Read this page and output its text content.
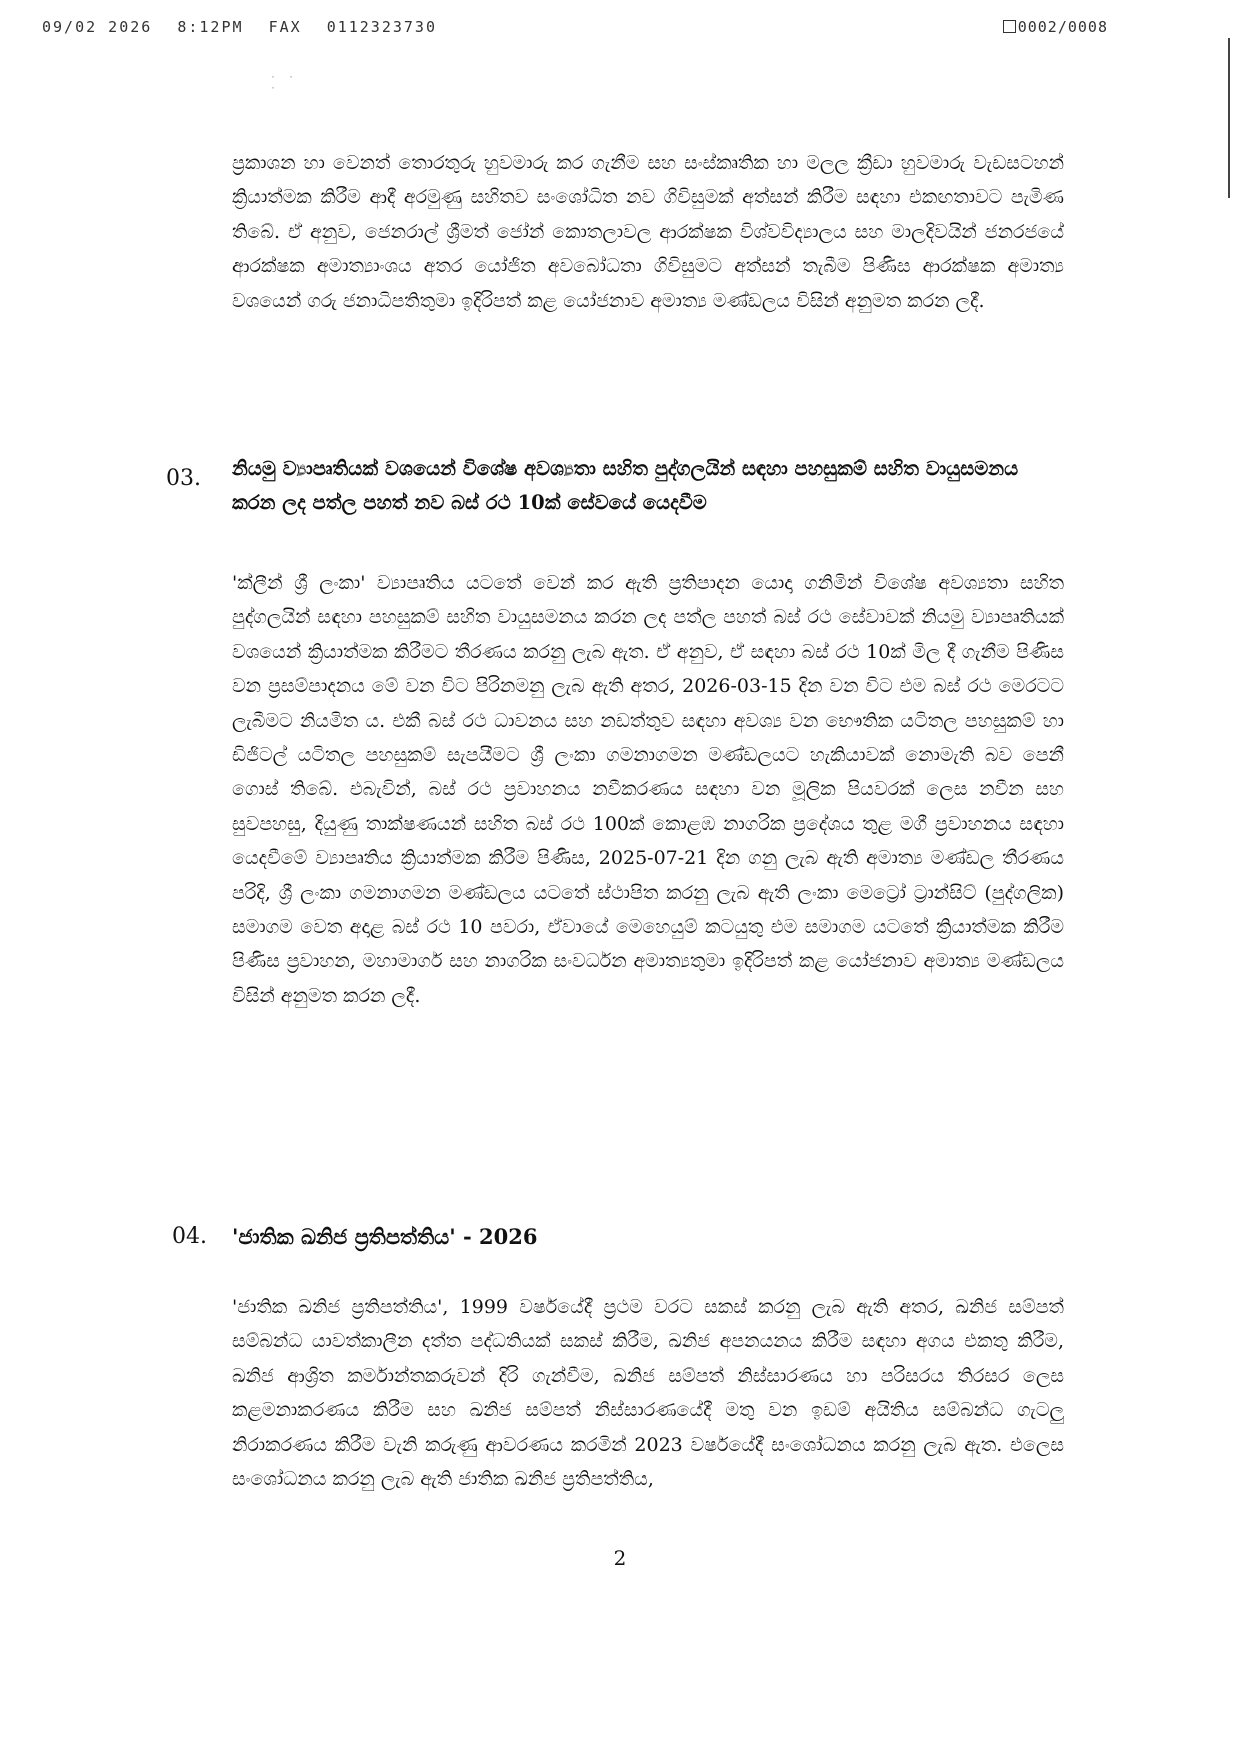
09/02 2026 8:12PM FAX 0112323730	0002/0008
·  ·
·

ප්‍රකාශන හා වෙනත් තොරතුරු හුවමාරු කර ගැනීම සහ සංස්කෘතික හා මලල ක්‍රීඩා හුවමාරු වැඩසටහන් ක්‍රියාත්මක කිරීම ආදී අරමුණු සහිතව සංශෝධිත නව ගිවිසුමක් අත්සන් කිරීම සඳහා එකඟතාවට පැමිණ තිබේ. ඒ අනුව, ජෙනරාල් ශ්‍රීමත් ජෝන් කොතලාවල ආරක්ෂක විශ්වවිද්‍යාලය සහ මාලදිවයින් ජනරජයේ ආරක්ෂක අමාත්‍යාංශය අතර යෝජිත අවබෝධතා ගිවිසුමට අත්සන් තැබීම පිණිස ආරක්ෂක අමාත්‍ය වශයෙන් ගරු ජනාධිපතිතුමා ඉදිරිපත් කළ යෝජනාව අමාත්‍ය මණ්ඩලය විසින් අනුමත කරන ලදී.

03. නියමු ව්‍යාපෘතියක් වශයෙන් විශේෂ අවශ්‍යතා සහිත පුද්ගලයින් සඳහා පහසුකම් සහිත වායුසමනය කරන ලද පත්ල පහත් නව බස් රථ 10ක් සේවයේ යෙදවීම

'ක්ලීන් ශ්‍රී ලංකා' ව්‍යාපෘතිය යටතේ වෙන් කර ඇති ප්‍රතිපාදන යොදා ගනිමින් විශේෂ අවශ්‍යතා සහිත පුද්ගලයින් සඳහා පහසුකම් සහිත වායුසමනය කරන ලද පත්ල පහත් බස් රථ සේවාවක් නියමු ව්‍යාපෘතියක් වශයෙන් ක්‍රියාත්මක කිරීමට තීරණය කරනු ලැබ ඇත. ඒ අනුව, ඒ සඳහා බස් රථ 10ක් මිල දී ගැනීම පිණිස වන ප්‍රසම්පාදනය මේ වන විට පිරිනමනු ලැබ ඇති අතර, 2026-03-15 දින වන විට එම බස් රථ මෙරටට ලැබීමට නියමිත ය. එකී බස් රථ ධාවනය සහ නඩත්තුව සඳහා අවශ්‍ය වන භෞතික යටිතල පහසුකම් හා ඩිජිටල් යටිතල පහසුකම් සැපයීමට ශ්‍රී ලංකා ගමනාගමන මණ්ඩලයට හැකියාවක් නොමැති බව පෙනී ගොස් තිබේ. එබැවින්, බස් රථ ප්‍රවාහනය නවීකරණය සඳහා වන මූලික පියවරක් ලෙස නවීන සහ සුවපහසු, දියුණු තාක්ෂණයන් සහිත බස් රථ 100ක් කොළඹ නාගරික ප්‍රදේශය තුළ මගී ප්‍රවාහනය සඳහා යෙදවීමේ ව්‍යාපෘතිය ක්‍රියාත්මක කිරීම පිණිස, 2025-07-21 දින ගනු ලැබ ඇති අමාත්‍ය මණ්ඩල තීරණය පරිදි, ශ්‍රී ලංකා ගමනාගමන මණ්ඩලය යටතේ ස්ථාපිත කරනු ලැබ ඇති ලංකා මෙට්‍රෝ ට්‍රාන්සිට් (පුද්ගලික) සමාගම වෙත අදාළ බස් රථ 10 පවරා, ඒවායේ මෙහෙයුම් කටයුතු එම සමාගම යටතේ ක්‍රියාත්මක කිරීම පිණිස ප්‍රවාහන, මහාමාර්ග සහ නාගරික සංවර්ධන අමාත්‍යතුමා ඉදිරිපත් කළ යෝජනාව අමාත්‍ය මණ්ඩලය විසින් අනුමත කරන ලදී.

04. 'ජාතික ඛනිජ ප්‍රතිපත්තිය' - 2026

'ජාතික ඛනිජ ප්‍රතිපත්තිය', 1999 වර්ෂයේදී ප්‍රථම වරට සකස් කරනු ලැබ ඇති අතර, ඛනිජ සම්පත් සම්බන්ධ යාවත්කාලීන දත්ත පද්ධතියක් සකස් කිරීම, ඛනිජ අපනයනය කිරීම සඳහා අගය එකතු කිරීම, ඛනිජ ආශ්‍රිත කර්මාන්තකරුවන් දිරි ගැන්වීම, ඛනිජ සම්පත් නිස්සාරණය හා පරිසරය තිරසර ලෙස කළමනාකරණය කිරීම සහ ඛනිජ සම්පත් නිස්සාරණයේදී මතු වන ඉඩම් අයිතිය සම්බන්ධ ගැටලු නිරාකරණය කිරීම වැනි කරුණු ආවරණය කරමින් 2023 වර්ෂයේදී සංශෝධනය කරනු ලැබ ඇත. එලෙස සංශෝධනය කරනු ලැබ ඇති ජාතික ඛනිජ ප්‍රතිපත්තිය,

2
